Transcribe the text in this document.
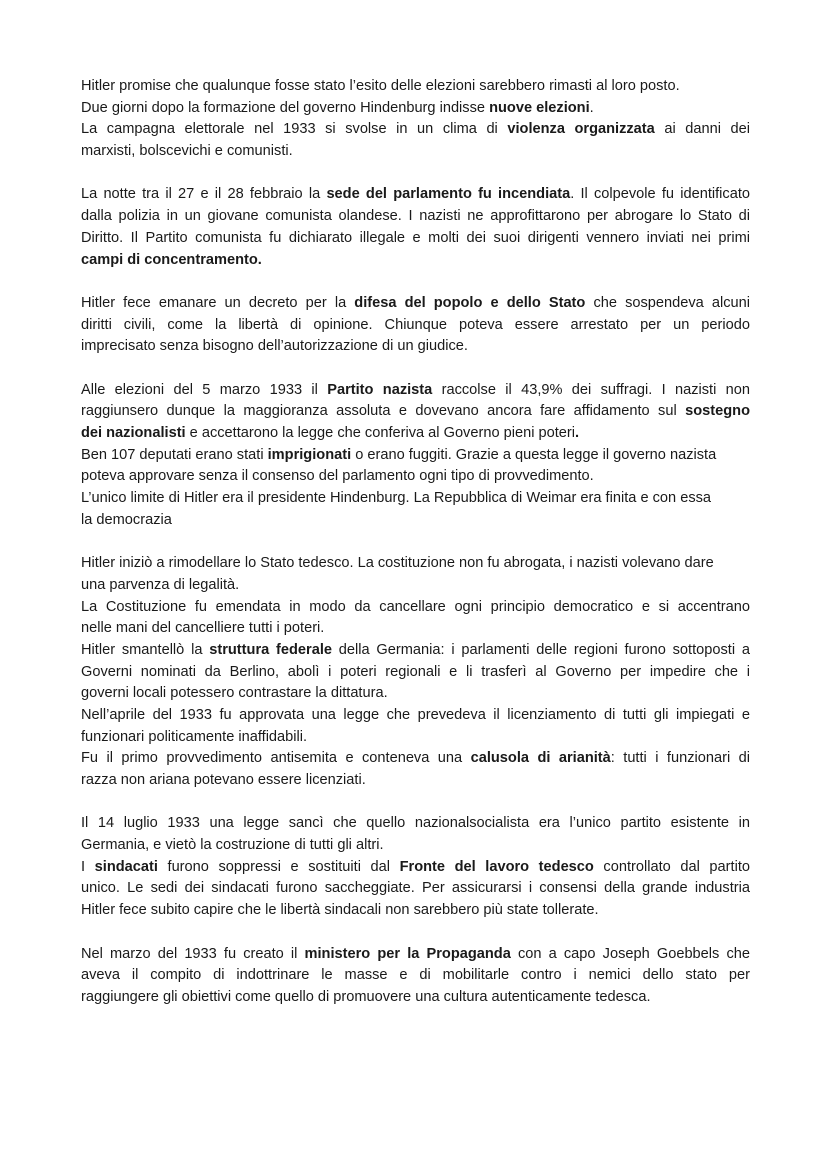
Hitler promise che qualunque fosse stato l’esito delle elezioni sarebbero rimasti al loro posto.
Due giorni dopo la formazione del governo Hindenburg indisse nuove elezioni.
La campagna elettorale nel 1933 si svolse in un clima di violenza organizzata ai danni dei
marxisti, bolscevichi e comunisti.
La notte tra il 27 e il 28 febbraio la sede del parlamento fu incendiata. Il colpevole fu identificato
dalla polizia in un giovane comunista olandese. I nazisti ne approfittarono per abrogare lo Stato di
Diritto. Il Partito comunista fu dichiarato illegale e molti dei suoi dirigenti vennero inviati nei primi
campi di concentramento.
Hitler fece emanare un decreto per la difesa del popolo e dello Stato che sospendeva alcuni
diritti civili, come la libertà di opinione. Chiunque poteva essere arrestato per un periodo
imprecisato senza bisogno dell’autorizzazione di un giudice.
Alle elezioni del 5 marzo 1933 il Partito nazista raccolse il 43,9% dei suffragi. I nazisti non
raggiunsero dunque la maggioranza assoluta e dovevano ancora fare affidamento sul sostegno
dei nazionalisti e accettarono la legge che conferiva al Governo pieni poteri.
Ben 107 deputati erano stati imprigionati o erano fuggiti. Grazie a questa legge il governo nazista
poteva approvare senza il consenso del parlamento ogni tipo di provvedimento.
L’unico limite di Hitler era il presidente Hindenburg. La Repubblica di Weimar era finita e con essa
la democrazia
Hitler iniziò a rimodellare lo Stato tedesco. La costituzione non fu abrogata, i nazisti volevano dare
una parvenza di legalità.
La Costituzione fu emendata in modo da cancellare ogni principio democratico e si accentrano
nelle mani del cancelliere tutti i poteri.
Hitler smantellò la struttura federale della Germania: i parlamenti delle regioni furono sottoposti a
Governi nominati da Berlino, abolì i poteri regionali e li trasferì al Governo per impedire che i
governi locali potessero contrastare la dittatura.
Nell’aprile del 1933 fu approvata una legge che prevedeva il licenziamento di tutti gli impiegati e
funzionari politicamente inaffidabili.
Fu il primo provvedimento antisemita e conteneva una calusola di arianità: tutti i funzionari di
razza non ariana potevano essere licenziati.
Il 14 luglio 1933 una legge sancì che quello nazionalsocialista era l’unico partito esistente in
Germania, e vietò la costruzione di tutti gli altri.
I sindacati furono soppressi e sostituiti dal Fronte del lavoro tedesco controllato dal partito
unico. Le sedi dei sindacati furono saccheggiate. Per assicurarsi i consensi della grande industria
Hitler fece subito capire che le libertà sindacali non sarebbero più state tollerate.
Nel marzo del 1933 fu creato il ministero per la Propaganda con a capo Joseph Goebbels che
aveva il compito di indottrinare le masse e di mobilitarle contro i nemici dello stato per
raggiungere gli obiettivi come quello di promuovere una cultura autenticamente tedesca.
